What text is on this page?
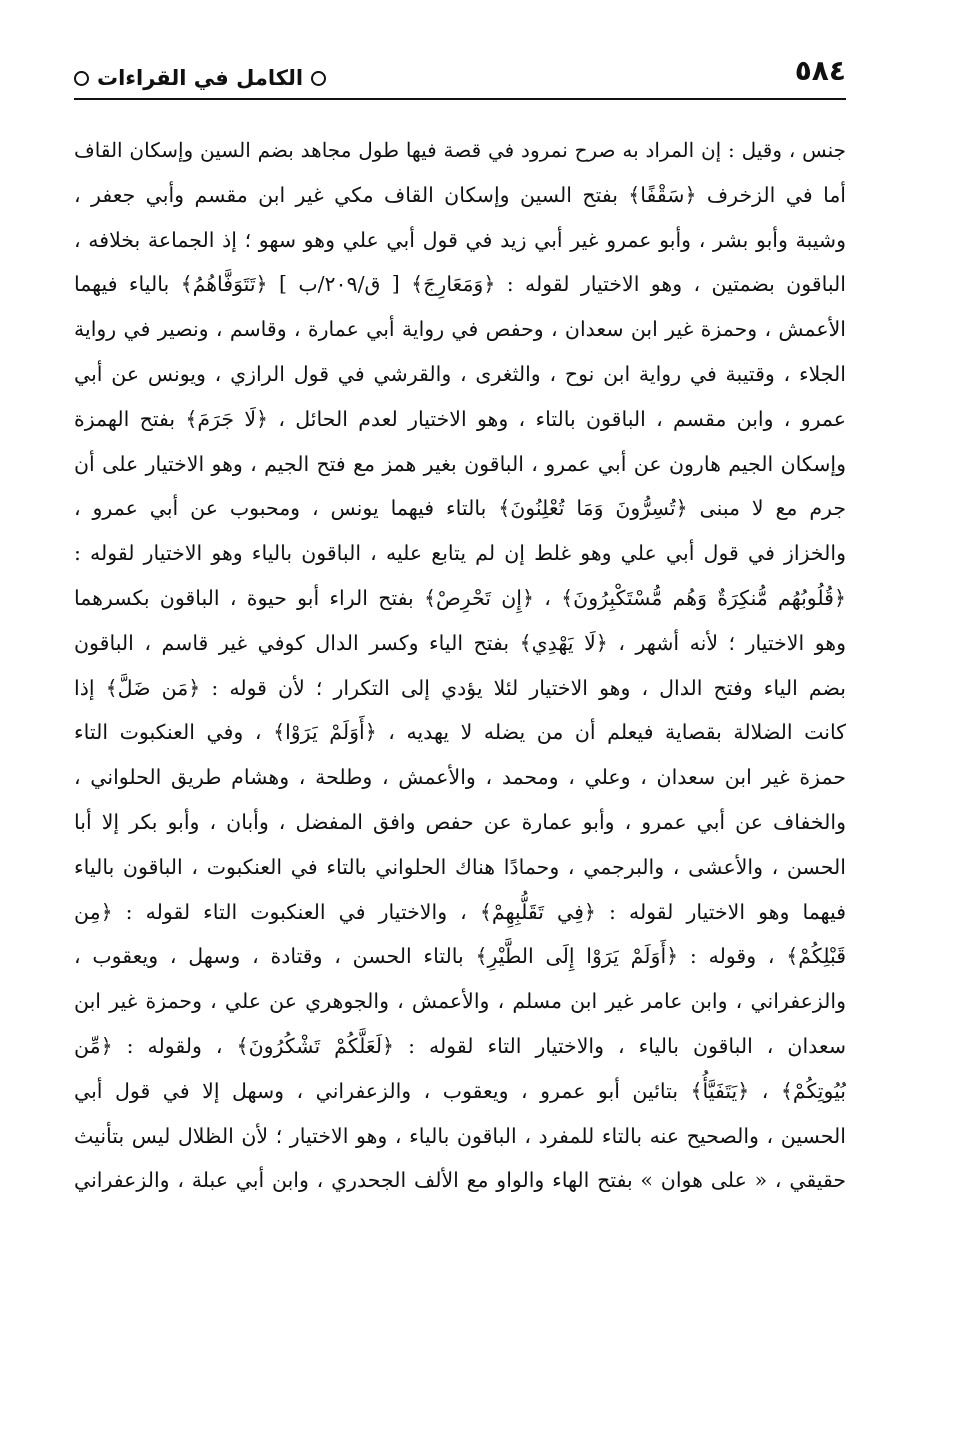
٥٨٤
الكامل في القراءات
جنس ، وقيل : إن المراد به صرح نمرود في قصة فيها طول مجاهد بضم السين وإسكان القاف
أما في الزخرف ﴿سَقْفًا﴾ بفتح السين وإسكان القاف مكي غير ابن مقسم وأبي جعفر ،
وشيبة وأبو بشر ، وأبو عمرو غير أبي زيد في قول أبي علي وهو سهو ؛ إذ الجماعة بخلافه ،
الباقون بضمتين ، وهو الاختيار لقوله : ﴿وَمَعَارِجَ﴾ [ ق/٢٠٩/ب ] ﴿تَتَوَفَّاهُمُ﴾ بالياء فيهما
الأعمش ، وحمزة غير ابن سعدان ، وحفص في رواية أبي عمارة ، وقاسم ، ونصير في رواية
الجلاء ، وقتيبة في رواية ابن نوح ، والثغرى ، والقرشي في قول الرازي ، ويونس عن أبي
عمرو ، وابن مقسم ، الباقون بالتاء ، وهو الاختيار لعدم الحائل ، ﴿لَا جَرَمَ﴾ بفتح الهمزة
وإسكان الجيم هارون عن أبي عمرو ، الباقون بغير همز مع فتح الجيم ، وهو الاختيار على أن
جرم مع لا مبنى ﴿تُسِرُّونَ وَمَا تُعْلِنُونَ﴾ بالتاء فيهما يونس ، ومحبوب عن أبي عمرو ،
والخزاز في قول أبي علي وهو غلط إن لم يتابع عليه ، الباقون بالياء وهو الاختيار لقوله :
﴿قُلُوبُهُم مُّنكِرَةٌ وَهُم مُّسْتَكْبِرُونَ﴾ ، ﴿إِن تَحْرِصْ﴾ بفتح الراء أبو حيوة ، الباقون بكسرهما
وهو الاختيار ؛ لأنه أشهر ، ﴿لَا يَهْدِي﴾ بفتح الياء وكسر الدال كوفي غير قاسم ، الباقون
بضم الياء وفتح الدال ، وهو الاختيار لئلا يؤدي إلى التكرار ؛ لأن قوله : ﴿مَن ضَلَّ﴾ إذا
كانت الضلالة بقصاية فيعلم أن من يضله لا يهديه ، ﴿أَوَلَمْ يَرَوْا﴾ ، وفي العنكبوت التاء
حمزة غير ابن سعدان ، وعلي ، ومحمد ، والأعمش ، وطلحة ، وهشام طريق الحلواني ،
والخفاف عن أبي عمرو ، وأبو عمارة عن حفص وافق المفضل ، وأبان ، وأبو بكر إلا أبا
الحسن ، والأعشى ، والبرجمي ، وحمادًا هناك الحلواني بالتاء في العنكبوت ، الباقون بالياء
فيهما وهو الاختيار لقوله : ﴿فِي تَقَلُّبِهِمْ﴾ ، والاختيار في العنكبوت التاء لقوله : ﴿مِن
قَبْلِكُمْ﴾ ، وقوله : ﴿أَوَلَمْ يَرَوْا إِلَى الطَّيْرِ﴾ بالتاء الحسن ، وقتادة ، وسهل ، ويعقوب ،
والزعفراني ، وابن عامر غير ابن مسلم ، والأعمش ، والجوهري عن علي ، وحمزة غير ابن
سعدان ، الباقون بالياء ، والاختيار التاء لقوله : ﴿لَعَلَّكُمْ تَشْكُرُونَ﴾ ، ولقوله : ﴿مِّن
بُيُوتِكُمْ﴾ ، ﴿يَتَفَيَّأُ﴾ بتائين أبو عمرو ، ويعقوب ، والزعفراني ، وسهل إلا في قول أبي
الحسين ، والصحيح عنه بالتاء للمفرد ، الباقون بالياء ، وهو الاختيار ؛ لأن الظلال ليس بتأنيث
حقيقي ، « على هوان » بفتح الهاء والواو مع الألف الجحدري ، وابن أبي عبلة ، والزعفراني
